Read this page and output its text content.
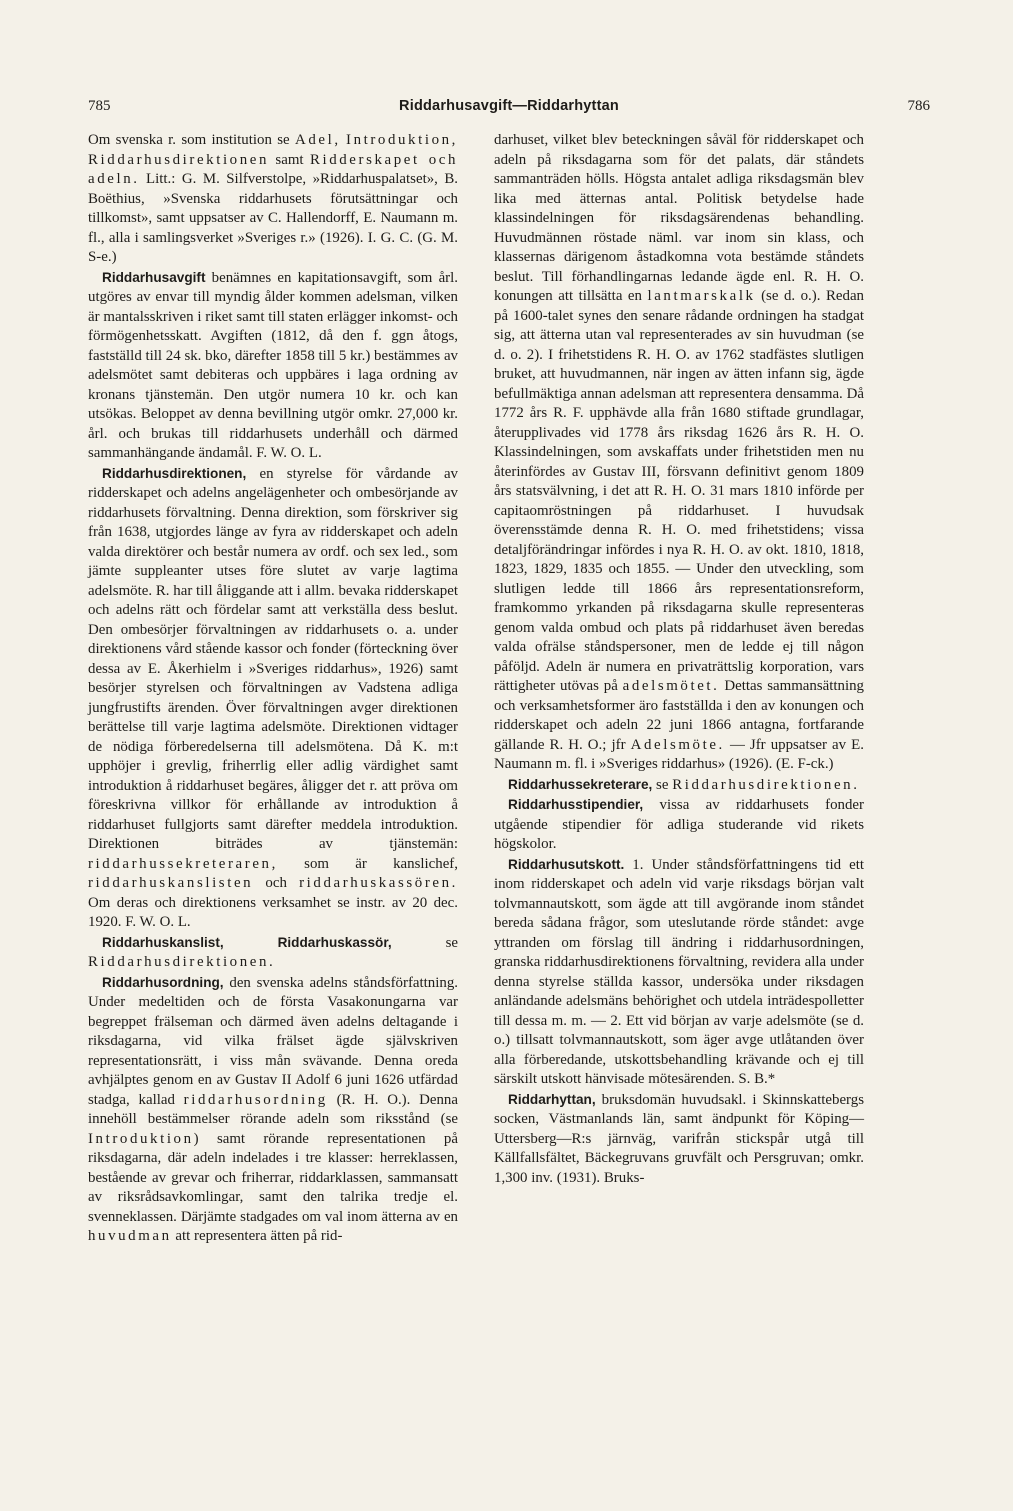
785	Riddarhusavgift—Riddarhyttan	786

Om svenska r. som institution se Adel, Introduktion, Riddarhusdirektionen samt Ridderskapet och adeln. Litt.: G. M. Silfverstolpe, »Riddarhuspalatset», B. Boëthius, »Svenska riddarhusets förutsättningar och tillkomst», samt uppsatser av C. Hallendorff, E. Naumann m. fl., alla i samlingsverket »Sveriges r.» (1926). I. G. C. (G. M. S-e.)

Riddarhusavgift benämnes en kapitationsavgift, som årl. utgöres av envar till myndig ålder kommen adelsman, vilken är mantalsskriven i riket samt till staten erlägger inkomst- och förmögenhetsskatt. Avgiften (1812, då den f. ggn åtogs, fastställd till 24 sk. bko, därefter 1858 till 5 kr.) bestämmes av adelsmötet samt debiteras och uppbäres i laga ordning av kronans tjänstemän. Den utgör numera 10 kr. och kan utsökas. Beloppet av denna bevillning utgör omkr. 27,000 kr. årl. och brukas till riddarhusets underhåll och därmed sammanhängande ändamål. F. W. O. L.

Riddarhusdirektionen, en styrelse för vårdande av ridderskapet och adelns angelägenheter och ombesörjande av riddarhusets förvaltning. Denna direktion, som förskriver sig från 1638, utgjordes länge av fyra av ridderskapet och adeln valda direktörer och består numera av ordf. och sex led., som jämte suppleanter utses före slutet av varje lagtima adelsmöte. R. har till åliggande att i allm. bevaka ridderskapet och adelns rätt och fördelar samt att verkställa dess beslut. Den ombesörjer förvaltningen av riddarhusets o. a. under direktionens vård stående kassor och fonder (förteckning över dessa av E. Åkerhielm i »Sveriges riddarhus», 1926) samt besörjer styrelsen och förvaltningen av Vadstena adliga jungfrustifts ärenden. Över förvaltningen avger direktionen berättelse till varje lagtima adelsmöte. Direktionen vidtager de nödiga förberedelserna till adelsmötena. Då K. m:t upphöjer i grevlig, friherrlig eller adlig värdighet samt introduktion å riddarhuset begäres, åligger det r. att pröva om föreskrivna villkor för erhållande av introduktion å riddarhuset fullgjorts samt därefter meddela introduktion. Direktionen biträdes av tjänstemän: riddarhussekreteraren, som är kanslichef, riddarhuskanslisten och riddarhuskassören. Om deras och direktionens verksamhet se instr. av 20 dec. 1920. F. W. O. L.

Riddarhuskanslist, Riddarhuskassör, se Riddarhusdirektionen.

Riddarhusordning, den svenska adelns ståndsförfattning. Under medeltiden och de första Vasakonungarna var begreppet frälseman och därmed även adelns deltagande i riksdagarna, vid vilka frälset ägde självskriven representationsrätt, i viss mån svävande. Denna oreda avhjälptes genom en av Gustav II Adolf 6 juni 1626 utfärdad stadga, kallad riddarhusordning (R. H. O.). Denna innehöll bestämmelser rörande adeln som riksstånd (se Introduktion) samt rörande representationen på riksdagarna, där adeln indelades i tre klasser: herreklassen, bestående av grevar och friherrar, riddarklassen, sammansatt av riksrådsavkomlingar, samt den talrika tredje el. svenneklassen. Därjämte stadgades om val inom ätterna av en huvudman att representera ätten på rid-

darhuset, vilket blev beteckningen såväl för ridderskapet och adeln på riksdagarna som för det palats, där ståndets sammanträden hölls. Högsta antalet adliga riksdagsmän blev lika med ätternas antal. Politisk betydelse hade klassindelningen för riksdagsärendenas behandling. Huvudmännen röstade näml. var inom sin klass, och klassernas därigenom åstadkomna vota bestämde ståndets beslut. Till förhandlingarnas ledande ägde enl. R. H. O. konungen att tillsätta en lantmarskalk (se d. o.). Redan på 1600-talet synes den senare rådande ordningen ha stadgat sig, att ätterna utan val representerades av sin huvudman (se d. o. 2). I frihetstidens R. H. O. av 1762 stadfästes slutligen bruket, att huvudmannen, när ingen av ätten infann sig, ägde befullmäktiga annan adelsman att representera densamma. Då 1772 års R. F. upphävde alla från 1680 stiftade grundlagar, återupplivades vid 1778 års riksdag 1626 års R. H. O. Klassindelningen, som avskaffats under frihetstiden men nu återinfördes av Gustav III, försvann definitivt genom 1809 års statsvälvning, i det att R. H. O. 31 mars 1810 införde per capitaomröstningen på riddarhuset. I huvudsak överensstämde denna R. H. O. med frihetstidens; vissa detaljförändringar infördes i nya R. H. O. av okt. 1810, 1818, 1823, 1829, 1835 och 1855. — Under den utveckling, som slutligen ledde till 1866 års representationsreform, framkommo yrkanden på riksdagarna skulle representeras genom valda ombud och plats på riddarhuset även beredas valda ofrälse ståndspersoner, men de ledde ej till någon påföljd. Adeln är numera en privaträttslig korporation, vars rättigheter utövas på adelsmötet. Dettas sammansättning och verksamhetsformer äro fastställda i den av konungen och ridderskapet och adeln 22 juni 1866 antagna, fortfarande gällande R. H. O.; jfr Adelsmöte. — Jfr uppsatser av E. Naumann m. fl. i »Sveriges riddarhus» (1926). (E. F-ck.)

Riddarhussekreterare, se Riddarhusdirektionen.

Riddarhusstipendier, vissa av riddarhusets fonder utgående stipendier för adliga studerande vid rikets högskolor.

Riddarhusutskott. 1. Under ståndsförfattningens tid ett inom ridderskapet och adeln vid varje riksdags början valt tolvmannautskott, som ägde att till avgörande inom ståndet bereda sådana frågor, som uteslutande rörde ståndet: avge yttranden om förslag till ändring i riddarhusordningen, granska riddarhusdirektionens förvaltning, revidera alla under denna styrelse ställda kassor, undersöka under riksdagen anländande adelsmäns behörighet och utdela inträdespolletter till dessa m. m. — 2. Ett vid början av varje adelsmöte (se d. o.) tillsatt tolvmannautskott, som äger avge utlåtanden över alla förberedande, utskottsbehandling krävande och ej till särskilt utskott hänvisade mötesärenden. S. B.*

Riddarhyttan, bruksdomän huvudsakl. i Skinnskattebergs socken, Västmanlands län, samt ändpunkt för Köping— Uttersberg—R:s järnväg, varifrån stickspår utgå till Källfallsfältet, Bäckegruvans gruvfält och Persgruvan; omkr. 1,300 inv. (1931). Bruks-
